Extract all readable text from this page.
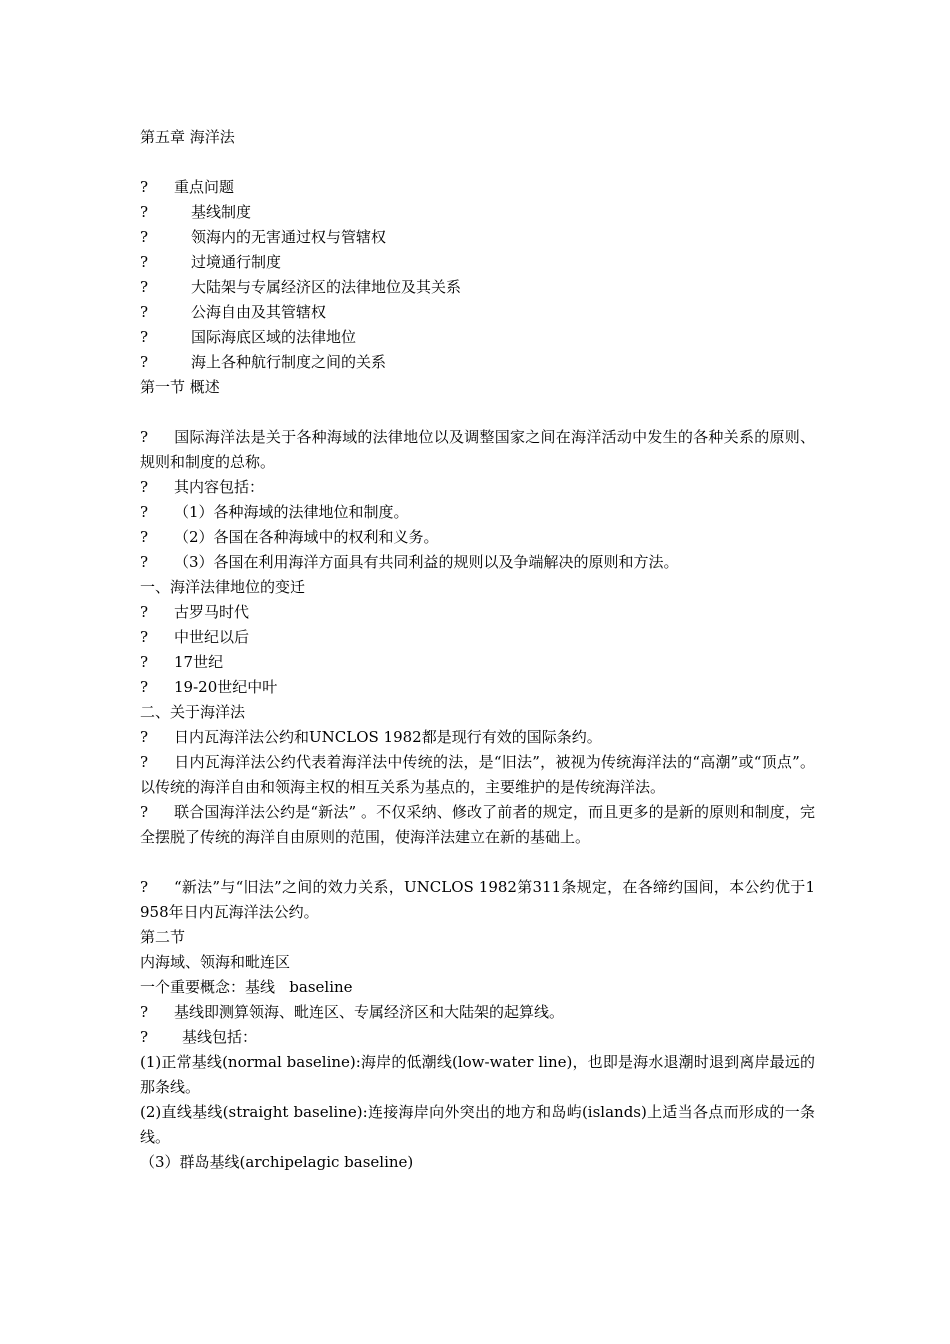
第五章 海洋法

? 重点问题

?	基线制度

?	领海内的无害通过权与管辖权

?	过境通行制度

?	大陆架与专属经济区的法律地位及其关系

?	公海自由及其管辖权

?	国际海底区域的法律地位

?	海上各种航行制度之间的关系

第一节 概述

? 国际海洋法是关于各种海域的法律地位以及调整国家之间在海洋活动中发生的各种关系的原则、规则和制度的总称。

? 其内容包括：

? （1）各种海域的法律地位和制度。

? （2）各国在各种海域中的权利和义务。

? （3）各国在利用海洋方面具有共同利益的规则以及争端解决的原则和方法。

一、海洋法律地位的变迁

? 古罗马时代

? 中世纪以后

? 17世纪

? 19-20世纪中叶

二、关于海洋法

? 日内瓦海洋法公约和UNCLOS 1982都是现行有效的国际条约。

? 日内瓦海洋法公约代表着海洋法中传统的法，是“旧法”，被视为传统海洋法的“高潮”或“顶点”。以传统的海洋自由和领海主权的相互关系为基点的，主要维护的是传统海洋法。

? 联合国海洋法公约是“新法” 。不仅采纳、修改了前者的规定，而且更多的是新的原则和制度，完全摆脱了传统的海洋自由原则的范围，使海洋法建立在新的基础上。

? “新法”与“旧法”之间的效力关系，UNCLOS 1982第311条规定，在各缔约国间，本公约优于1958年日内瓦海洋法公约。

第二节

内海域、领海和毗连区

一个重要概念：基线   baseline

? 基线即测算领海、毗连区、专属经济区和大陆架的起算线。

? 基线包括：

(1)正常基线(normal baseline):海岸的低潮线(low-water line)，也即是海水退潮时退到离岸最远的那条线。

(2)直线基线(straight baseline):连接海岸向外突出的地方和岛屿(islands)上适当各点而形成的一条线。

（3）群岛基线(archipelagic baseline)
